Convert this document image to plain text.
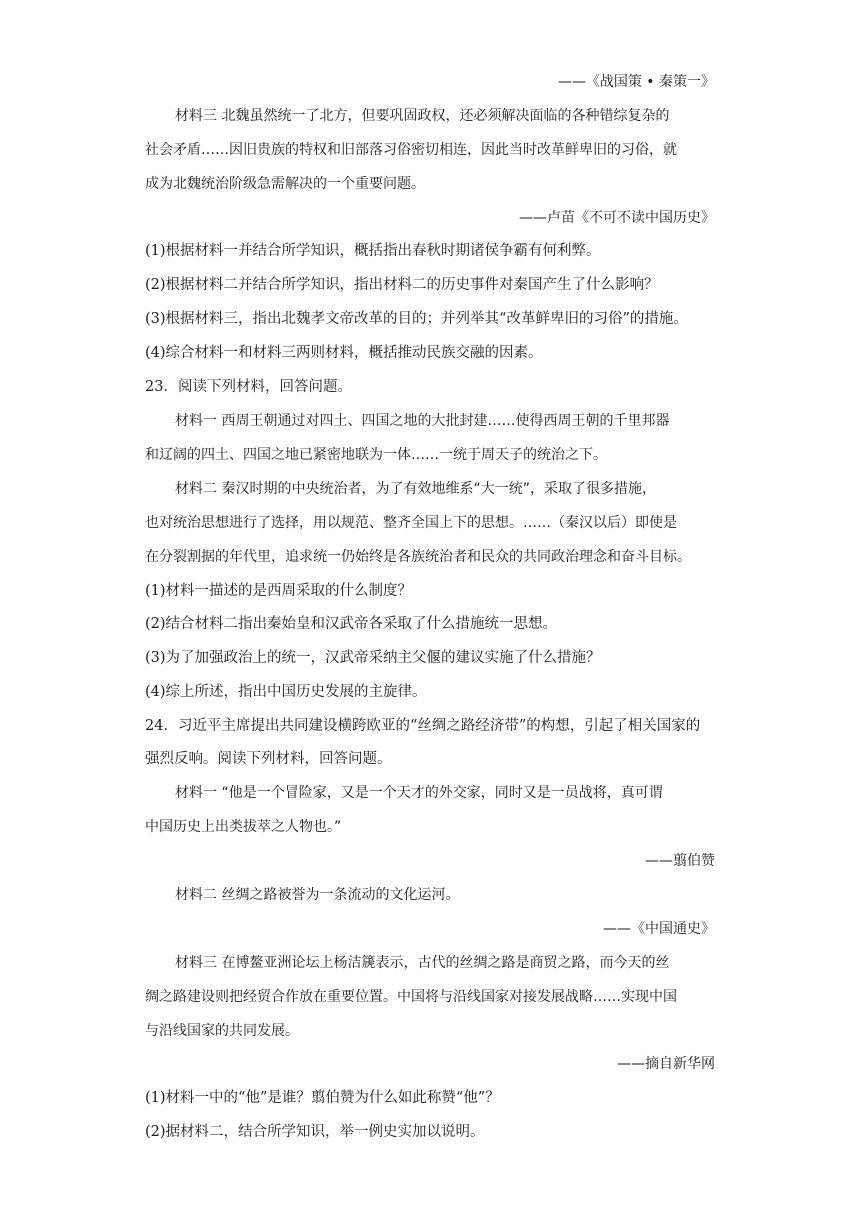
——《战国策 • 秦策一》
材料三 北魏虽然统一了北方，但要巩固政权，还必须解决面临的各种错综复杂的
社会矛盾……因旧贵族的特权和旧部落习俗密切相连，因此当时改革鲜卑旧的习俗，就
成为北魏统治阶级急需解决的一个重要问题。
——卢苗《不可不读中国历史》
(1)根据材料一并结合所学知识，概括指出春秋时期诸侯争霸有何利弊。
(2)根据材料二并结合所学知识，指出材料二的历史事件对秦国产生了什么影响？
(3)根据材料三，指出北魏孝文帝改革的目的；并列举其“改革鲜卑旧的习俗”的措施。
(4)综合材料一和材料三两则材料，概括推动民族交融的因素。
23．阅读下列材料，回答问题。
材料一 西周王朝通过对四土、四国之地的大批封建……使得西周王朝的千里邦器
和辽阔的四土、四国之地已紧密地联为一体……一统于周天子的统治之下。
材料二 秦汉时期的中央统治者，为了有效地维系“大一统”，采取了很多措施，
也对统治思想进行了选择，用以规范、整齐全国上下的思想。……（秦汉以后）即使是
在分裂割据的年代里，追求统一仍始终是各族统治者和民众的共同政治理念和奋斗目标。
(1)材料一描述的是西周采取的什么制度？
(2)结合材料二指出秦始皇和汉武帝各采取了什么措施统一思想。
(3)为了加强政治上的统一，汉武帝采纳主父偃的建议实施了什么措施？
(4)综上所述，指出中国历史发展的主旋律。
24．习近平主席提出共同建设横跨欧亚的“丝绸之路经济带”的构想，引起了相关国家的
强烈反响。阅读下列材料，回答问题。
材料一 “他是一个冒险家，又是一个天才的外交家，同时又是一员战将，真可谓
中国历史上出类拔萃之人物也。”
——翦伯赞
材料二 丝绸之路被誉为一条流动的文化运河。
——《中国通史》
材料三 在博鳌亚洲论坛上杨洁篪表示，古代的丝绸之路是商贸之路，而今天的丝
绸之路建设则把经贸合作放在重要位置。中国将与沿线国家对接发展战略……实现中国
与沿线国家的共同发展。
——摘自新华网
(1)材料一中的“他”是谁？翦伯赞为什么如此称赞“他”？
(2)据材料二，结合所学知识，举一例史实加以说明。
